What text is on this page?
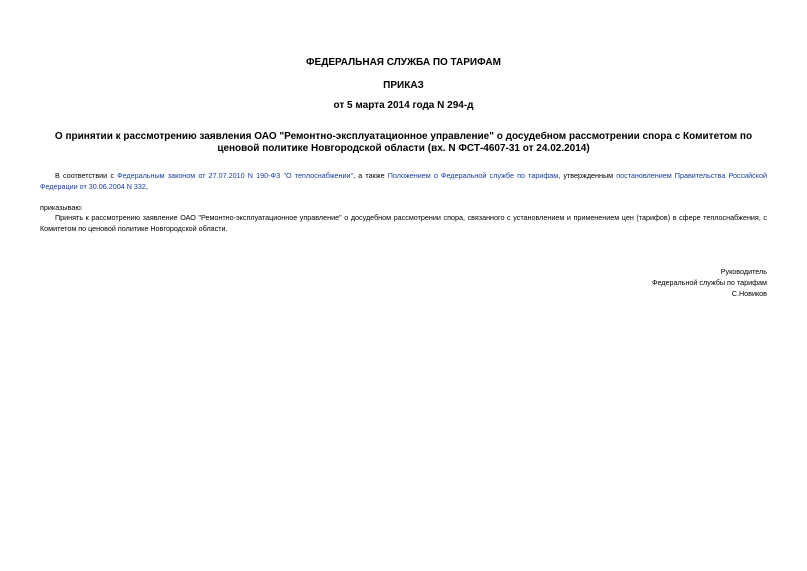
ФЕДЕРАЛЬНАЯ СЛУЖБА ПО ТАРИФАМ
ПРИКАЗ
от 5 марта 2014 года N 294-д
О принятии к рассмотрению заявления ОАО "Ремонтно-эксплуатационное управление" о досудебном рассмотрении спора с Комитетом по ценовой политике Новгородской области (вх. N ФСТ-4607-31 от 24.02.2014)
В соответствии с Федеральным законом от 27.07.2010 N 190-ФЗ "О теплоснабжении", а также Положением о Федеральной службе по тарифам, утвержденным постановлением Правительства Российской Федерации от 30.06.2004 N 332,
приказываю:
Принять к рассмотрению заявление ОАО "Ремонтно-эксплуатационное управление" о досудебном рассмотрении спора, связанного с установлением и применением цен (тарифов) в сфере теплоснабжения, с Комитетом по ценовой политике Новгородской области.
Руководитель
Федеральной службы по тарифам
С.Новиков
